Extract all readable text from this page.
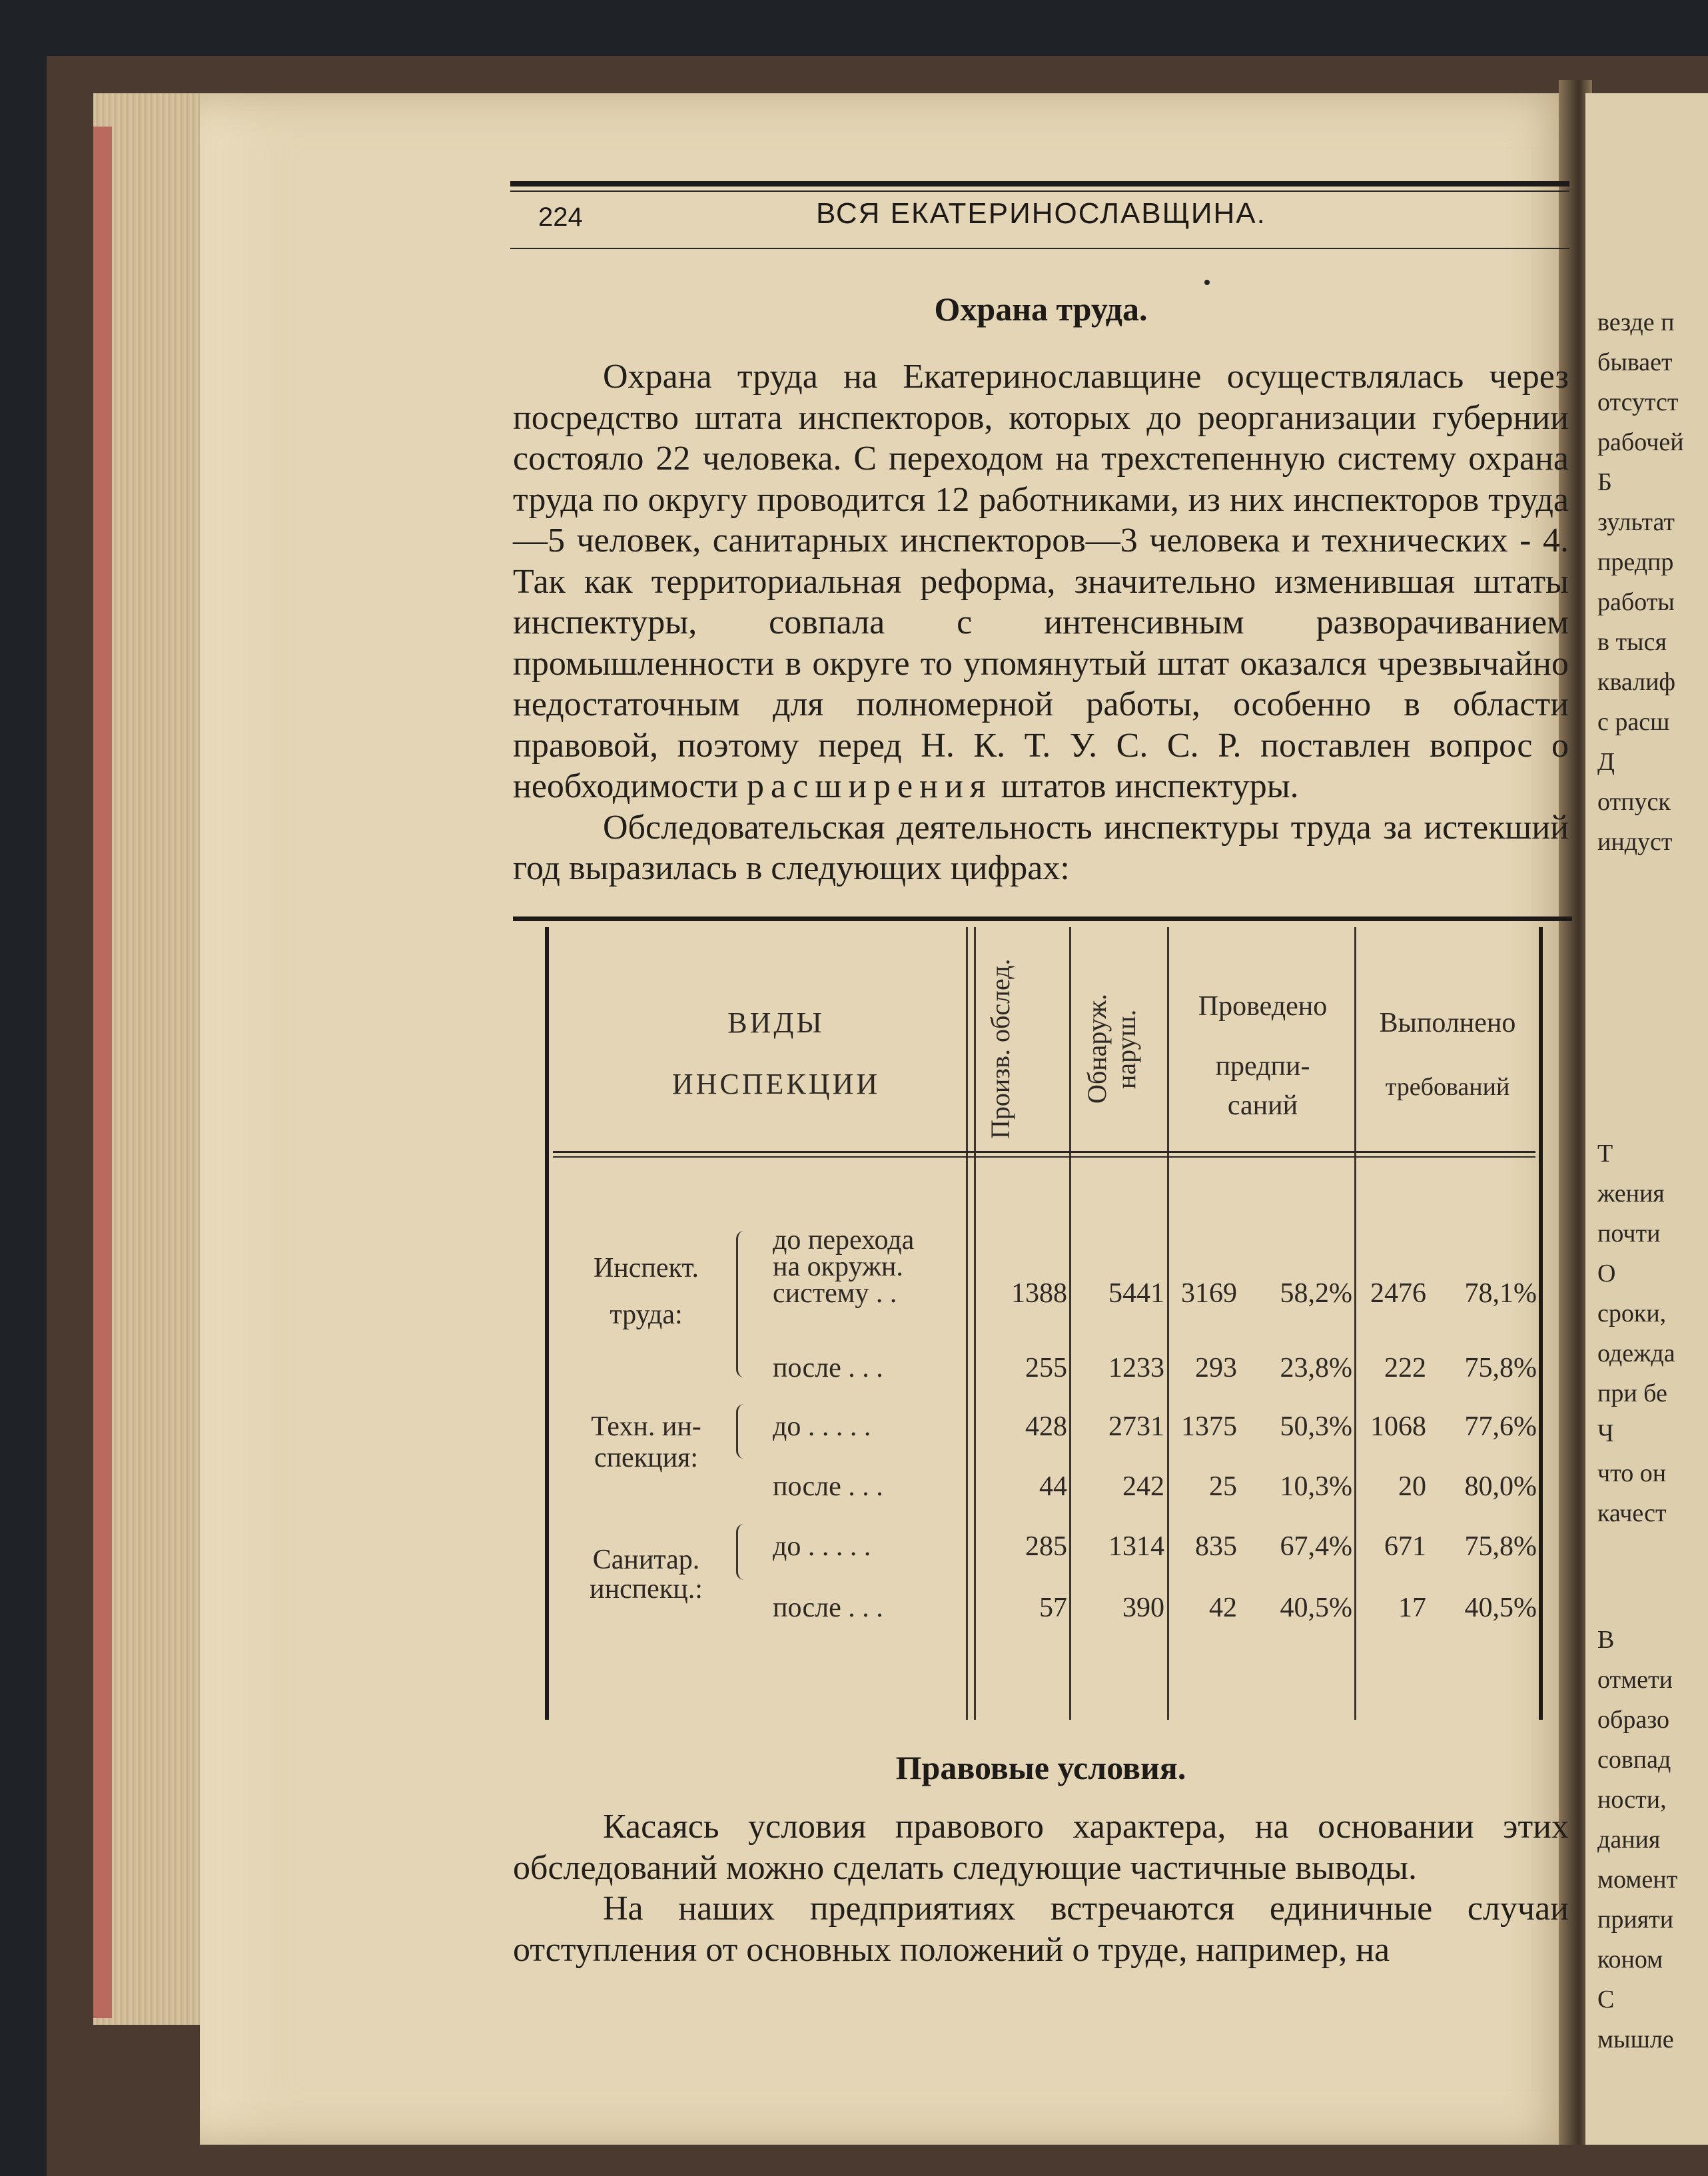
везде п
бывает
отсутст
рабочей
Б
зультат
предпр
работы
в тыся
квалиф
с расш
Д
отпуск
индуст
Т
жения
почти
О
сроки,
одежда
при бе
Ч
что он
качест
В
отмети
образо
совпад
ности,
дания
момент
прияти
коном
С
мышле
224	ВСЯ ЕКАТЕРИНОСЛАВЩИНА.
Охрана труда.

Охрана труда на Екатеринославщине осуществлялась через посредство штата инспекторов, которых до реорганизации губернии состояло 22 человека. С переходом на трехстепенную систему охрана труда по округу проводится 12 работниками, из них инспекторов труда—5 человек, санитарных инспекторов—3 человека и технических - 4. Так как территориальная реформа, значительно изменившая штаты инспектуры, совпала с интенсивным разворачиванием промышленности в округе то упомянутый штат оказался чрезвычайно недостаточным для полномерной работы, особенно в области правовой, поэтому перед Н. К. Т. У. С. С. Р. поставлен вопрос о необходимости расширения штатов инспектуры.

Обследовательская деятельность инспектуры труда за истекший год выразилась в следующих цифрах:

ВИДЫ
ИНСПЕКЦИИ	Произв. обслед.	Обнаруж. наруш.
Проведено
предпи-
саний
Выполнено
требований
Инспект.
труда:
до перехода
на окружн.
систему . .	1388	5441 3169	58,2% 2476	78,1%
после . . .	255	1233	293	23,8%	222	75,8%
Техн. ин-
спекция:
до . . . . .	428	2731 1375	50,3% 1068	77,6%
после . . .	44	242	25	10,3%	20	80,0%
Санитар.
инспекц.:
до . . . . .	285	1314	835	67,4%	671	75,8%
после . . .	57	390	42	40,5%	17	40,5%
Правовые условия.

Касаясь условия правового характера, на основании этих обследований можно сделать следующие частичные выводы.

На наших предприятиях встречаются единичные случаи отступления от основных положений о труде, например, на
